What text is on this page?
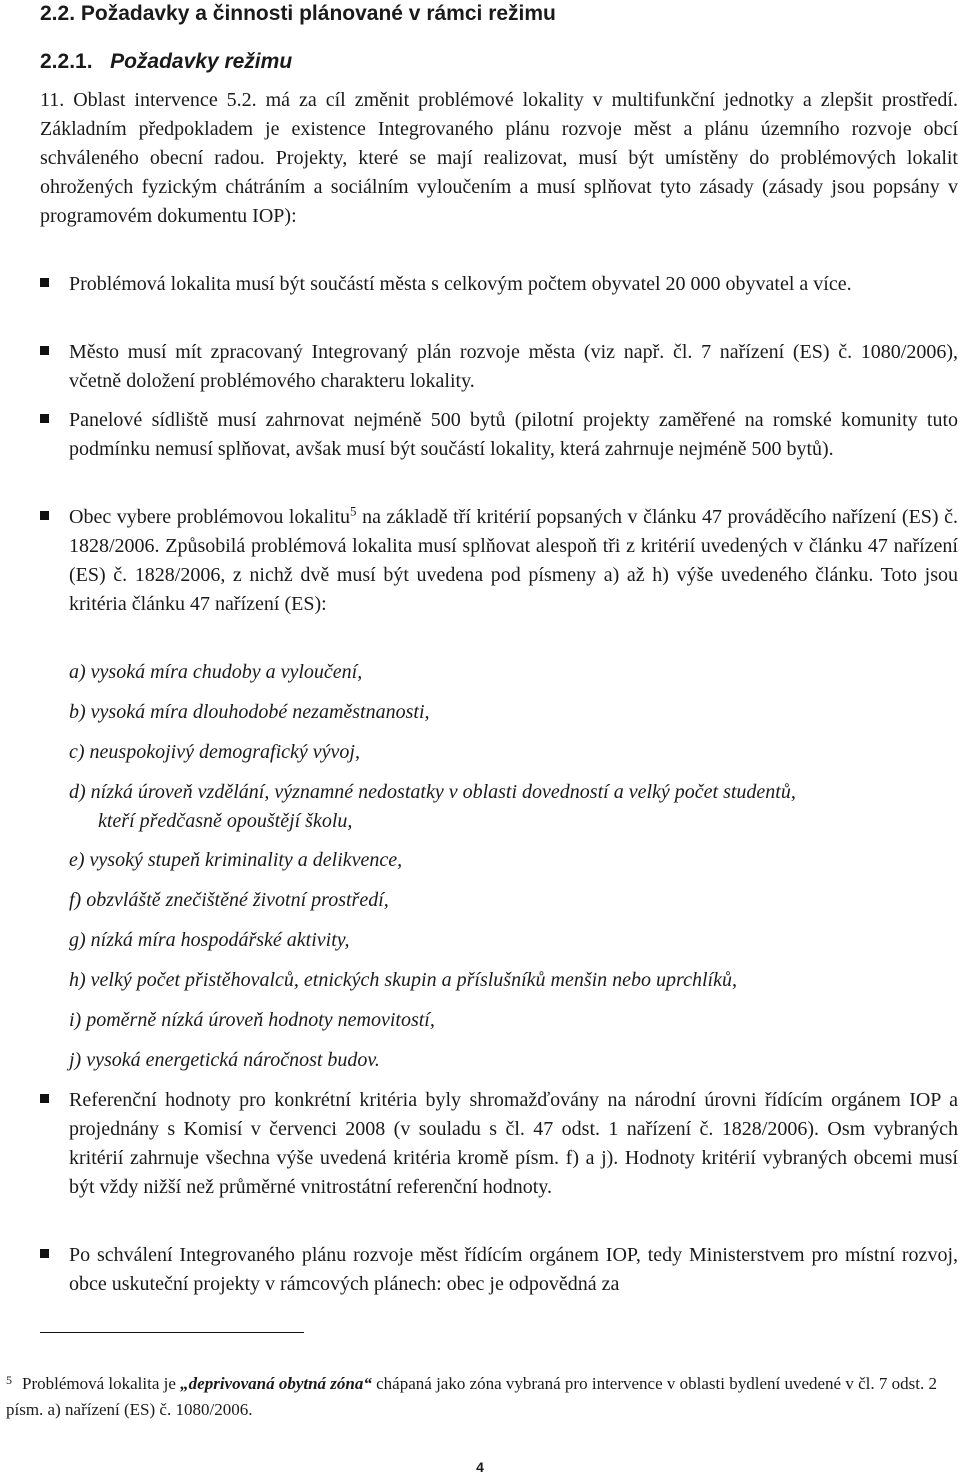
2.2. Požadavky a činnosti plánované v rámci režimu
2.2.1. Požadavky režimu
11. Oblast intervence 5.2. má za cíl změnit problémové lokality v multifunkční jednotky a zlepšit prostředí. Základním předpokladem je existence Integrovaného plánu rozvoje měst a plánu územního rozvoje obcí schváleného obecní radou. Projekty, které se mají realizovat, musí být umístěny do problémových lokalit ohrožených fyzickým chátráním a sociálním vyloučením a musí splňovat tyto zásady (zásady jsou popsány v programovém dokumentu IOP):
Problémová lokalita musí být součástí města s celkovým počtem obyvatel 20 000 obyvatel a více.
Město musí mít zpracovaný Integrovaný plán rozvoje města (viz např. čl. 7 nařízení (ES) č. 1080/2006), včetně doložení problémového charakteru lokality.
Panelové sídliště musí zahrnovat nejméně 500 bytů (pilotní projekty zaměřené na romské komunity tuto podmínku nemusí splňovat, avšak musí být součástí lokality, která zahrnuje nejméně 500 bytů).
Obec vybere problémovou lokalitu$^5$ na základě tří kritérií popsaných v článku 47 prováděcího nařízení (ES) č. 1828/2006. Způsobilá problémová lokalita musí splňovat alespoň tři z kritérií uvedených v článku 47 nařízení (ES) č. 1828/2006, z nichž dvě musí být uvedena pod písmeny a) až h) výše uvedeného článku. Toto jsou kritéria článku 47 nařízení (ES):
a) vysoká míra chudoby a vyloučení,
b) vysoká míra dlouhodobé nezaměstnanosti,
c) neuspokojivý demografický vývoj,
d) nízká úroveň vzdělání, významné nedostatky v oblasti dovedností a velký počet studentů,
kteří předčasně opouštějí školu,
e) vysoký stupeň kriminality a delikvence,
f) obzvláště znečištěné životní prostředí,
g) nízká míra hospodářské aktivity,
h) velký počet přistěhovalců, etnických skupin a příslušníků menšin nebo uprchlíků,
i) poměrně nízká úroveň hodnoty nemovitostí,
j) vysoká energetická náročnost budov.
Referenční hodnoty pro konkrétní kritéria byly shromažďovány na národní úrovni řídícím orgánem IOP a projednány s Komisí v červenci 2008 (v souladu s čl. 47 odst. 1 nařízení č. 1828/2006). Osm vybraných kritérií zahrnuje všechna výše uvedená kritéria kromě písm. f) a j). Hodnoty kritérií vybraných obcemi musí být vždy nižší než průměrné vnitrostátní referenční hodnoty.
Po schválení Integrovaného plánu rozvoje měst řídícím orgánem IOP, tedy Ministerstvem pro místní rozvoj, obce uskuteční projekty v rámcových plánech: obec je odpovědná za
5 Problémová lokalita je „deprivovaná obytná zóna“ chápaná jako zóna vybraná pro intervence v oblasti bydlení uvedené v čl. 7 odst. 2 písm. a) nařízení (ES) č. 1080/2006.
4
